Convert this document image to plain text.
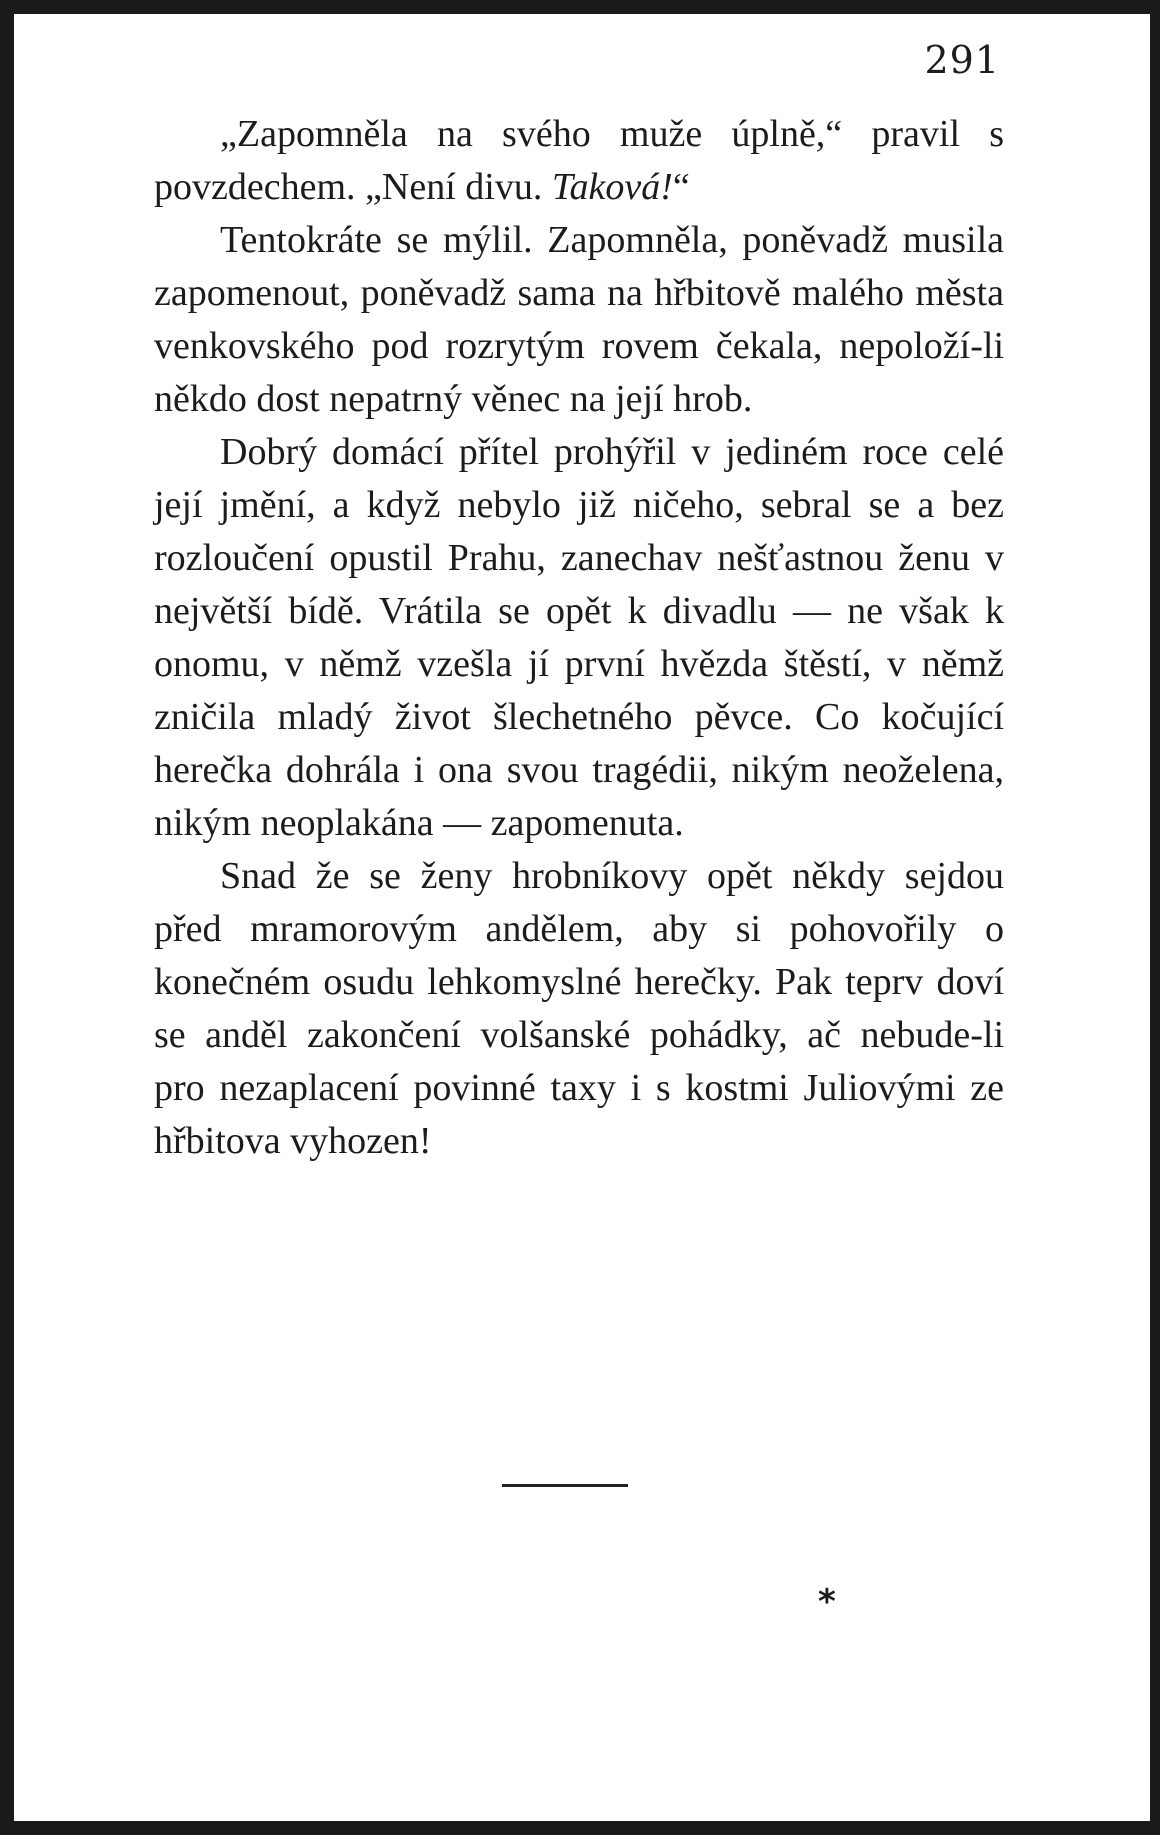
291

„Zapomněla na svého muže úplně,“ pravil s povzdechem. „Není divu. Taková!“

Tentokráte se mýlil. Zapomněla, poněvadž musila zapomenout, poněvadž sama na hřbitově malého města venkovského pod rozrytým rovem čekala, nepoloží-li někdo dost nepatrný věnec na její hrob.

Dobrý domácí přítel prohýřil v jediném roce celé její jmění, a když nebylo již ničeho, sebral se a bez rozloučení opustil Prahu, zanechav nešťastnou ženu v největší bídě. Vrátila se opět k divadlu — ne však k onomu, v němž vzešla jí první hvězda štěstí, v němž zničila mladý život šlechetného pěvce. Co kočující herečka dohrála i ona svou tragédii, nikým neoželena, nikým neoplakána — zapomenuta.

Snad že se ženy hrobníkovy opět někdy sejdou před mramorovým andělem, aby si pohovořily o konečném osudu lehkomyslné herečky. Pak teprv doví se anděl zakončení volšanské pohádky, ač nebude-li pro nezaplacení povinné taxy i s kostmi Juliovými ze hřbitova vyhozen!

*
